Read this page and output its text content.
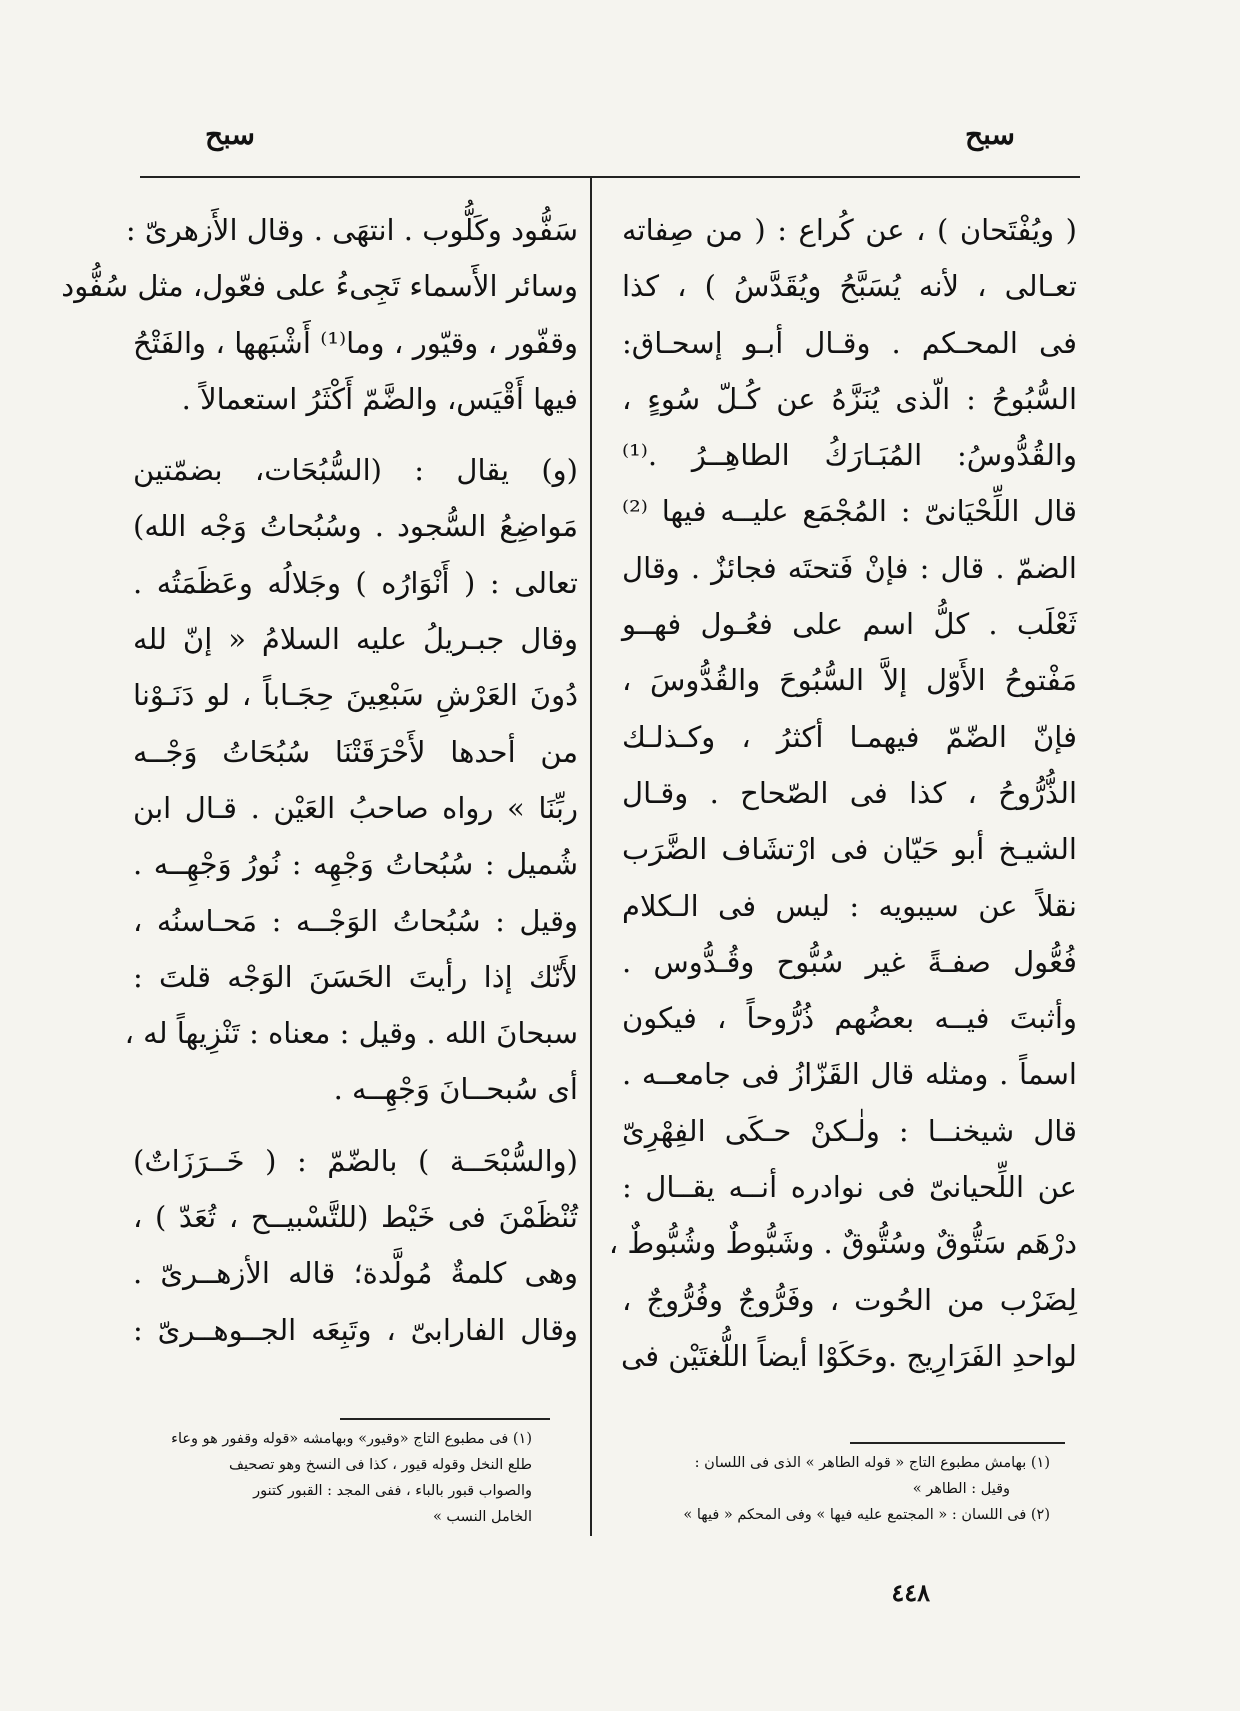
سبح
سبح
( ويُفْتَحان ) ، عن كُراع : ( من صِفاته
تعـالى ، لأنه يُسَبَّحُ ويُقَدَّسُ ) ، كذا
فى المحـكم . وقـال أبـو إسحـاق:
السُّبُوحُ : الّذى يُنَزَّهُ عن كُـلّ سُوءٍ ،
والقُدُّوسُ: المُبَـارَكُ الطاهِــرُ .⁽¹⁾
قال اللِّحْيَانىّ : المُجْمَع عليــه فيها ⁽²⁾
الضمّ . قال : فإنْ فَتحتَه فجائزٌ . وقال
ثَعْلَب . كلُّ اسم على فعُـول فهــو
مَفْتوحُ الأَوّل إلاَّ السُّبُوحَ والقُدُّوسَ ،
فإنّ الضّمّ فيهمـا أكثرُ ، وكـذلـك
الذُّرُّوحُ ، كذا فى الصّحاح . وقـال
الشيـخ أبو حَيّان فى ارْتشَاف الضَّرَب
نقلاً عن سيبويه : ليس فى الـكلام
فُعُّول صفـةً غير سُبُّوح وقُـدُّوس .
وأثبتَ فيــه بعضُهم ذُرُّوحاً ، فيكون
اسماً . ومثله قال القَزّازُ فى جامعــه .
قال شيخنــا : ولٰـكنْ حـكَى الفِهْرِىّ
عن اللِّحيانىّ فى نوادره أنــه يقــال :
درْهَم سَتُّوقٌ وسُتُّوقٌ . وشَبُّوطٌ وشُبُّوطٌ ،
لِضَرْب من الحُوت ، وفَرُّوجٌ وفُرُّوجٌ ،
لواحدِ الفَرَارِيج .وحَكَوْا أيضاً اللُّغتَيْن فى
سَفُّود وكَلُّوب . انتهَى . وقال الأَزهرىّ :
وسائر الأَسماء تَجِىءُ على فعّول، مثل سُفُّود
وقفّور ، وقيّور ، وما⁽¹⁾ أَشْبَهها ، والفَتْحُ
فيها أَقْيَس، والضَّمّ أَكْثَرُ استعمالاً .
(و) يقال : (السُّبُحَات، بضمّتين
مَواضِعُ السُّجود . وسُبُحاتُ وَجْه الله)
تعالى : ( أَنْوَارُه ) وجَلالُه وعَظَمَتُه .
وقال جبـريلُ عليه السلامُ « إنّ لله
دُونَ العَرْشِ سَبْعِينَ حِجَـاباً ، لو دَنَـوْنا
من أحدها لأَحْرَقَتْنَا سُبُحَاتُ وَجْــه
ربِّنَا » رواه صاحبُ العَيْن . قـال ابن
شُميل : سُبُحاتُ وَجْهِه : نُورُ وَجْهِــه .
وقيل : سُبُحاتُ الوَجْــه : مَحـاسنُه ،
لأَنّك إذا رأيتَ الحَسَنَ الوَجْه قلتَ :
سبحانَ الله . وقيل : معناه : تَنْزِيهاً له ،
أى سُبحــانَ وَجْهِــه .
(والسُّبْحَــة ) بالضّمّ : ( خَــرَزَاتٌ)
تُنْظَمْنَ فى خَيْط (للتَّسْبيــح ، تُعَدّ ) ،
وهى كلمةٌ مُولَّدة؛ قاله الأزهــرىّ .
وقال الفارابىّ ، وتَبِعَه الجــوهــرىّ :
(١) فى مطبوع التاج «وقيور» وبهامشه «قوله وقفور هو وعاء
طلع النخل وقوله قيور ، كذا فى النسخ وهو تصحيف
والصواب قبور بالباء ، ففى المجد : القبور كتنور
الخامل النسب »
(١) بهامش مطبوع التاج « قوله الطاهر » الذى فى اللسان :
وقيل : الطاهر »
(٢) فى اللسان : « المجتمع عليه فيها » وفى المحكم « فيها »
٤٤٨
